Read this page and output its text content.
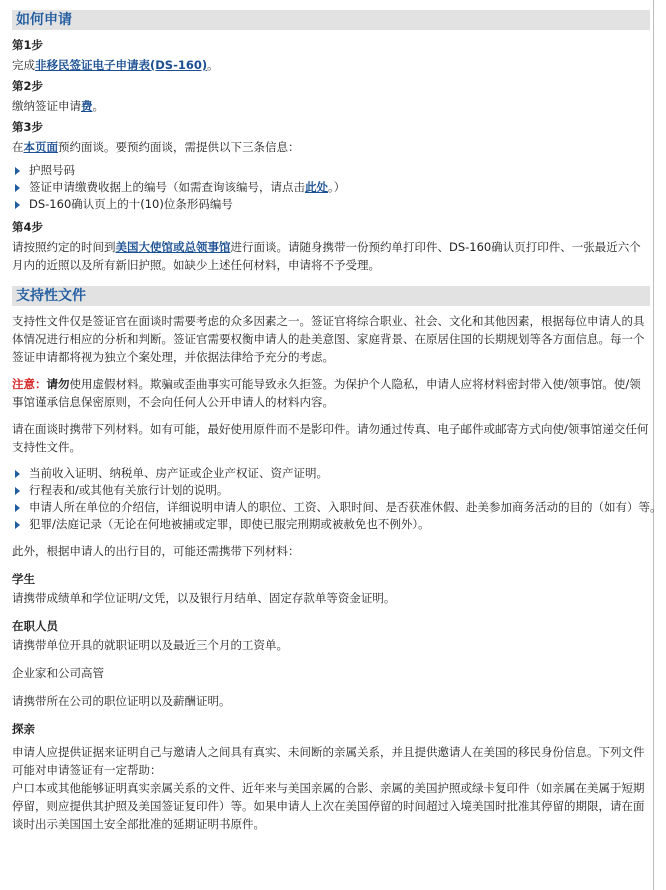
如何申请
第1步

完成非移民签证电子申请表(DS-160)。

第2步

缴纳签证申请费。

第3步

在本页面预约面谈。要预约面谈，需提供以下三条信息：

护照号码
签证申请缴费收据上的编号（如需查询该编号，请点击此处。）
DS-160确认页上的十(10)位条形码编号
第4步

请按照约定的时间到美国大使馆或总领事馆进行面谈。请随身携带一份预约单打印件、DS-160确认页打印件、一张最近六个月内的近照以及所有新旧护照。如缺少上述任何材料，申请将不予受理。

支持性文件

支持性文件仅是签证官在面谈时需要考虑的众多因素之一。签证官将综合职业、社会、文化和其他因素，根据每位申请人的具体情况进行相应的分析和判断。签证官需要权衡申请人的赴美意图、家庭背景、在原居住国的长期规划等各方面信息。每一个签证申请都将视为独立个案处理，并依据法律给予充分的考虑。

注意：请勿使用虚假材料。欺骗或歪曲事实可能导致永久拒签。为保护个人隐私，申请人应将材料密封带入使/领事馆。使/领事馆谨承信息保密原则，不会向任何人公开申请人的材料内容。

请在面谈时携带下列材料。如有可能，最好使用原件而不是影印件。请勿通过传真、电子邮件或邮寄方式向使/领事馆递交任何支持性文件。

当前收入证明、纳税单、房产证或企业产权证、资产证明。
行程表和/或其他有关旅行计划的说明。
申请人所在单位的介绍信，详细说明申请人的职位、工资、入职时间、是否获准休假、赴美参加商务活动的目的（如有）等。
犯罪/法庭记录（无论在何地被捕或定罪，即使已服完刑期或被赦免也不例外）。

此外，根据申请人的出行目的，可能还需携带下列材料：

学生

请携带成绩单和学位证明/文凭，以及银行月结单、固定存款单等资金证明。

在职人员

请携带单位开具的就职证明以及最近三个月的工资单。

企业家和公司高管

请携带所在公司的职位证明以及薪酬证明。

探亲

申请人应提供证据来证明自己与邀请人之间具有真实、未间断的亲属关系，并且提供邀请人在美国的移民身份信息。下列文件可能对申请签证有一定帮助：

户口本或其他能够证明真实亲属关系的文件、近年来与美国亲属的合影、亲属的美国护照或绿卡复印件（如亲属在美属于短期停留，则应提供其护照及美国签证复印件）等。如果申请人上次在美国停留的时间超过入境美国时批准其停留的期限，请在面谈时出示美国国土安全部批准的延期证明书原件。
